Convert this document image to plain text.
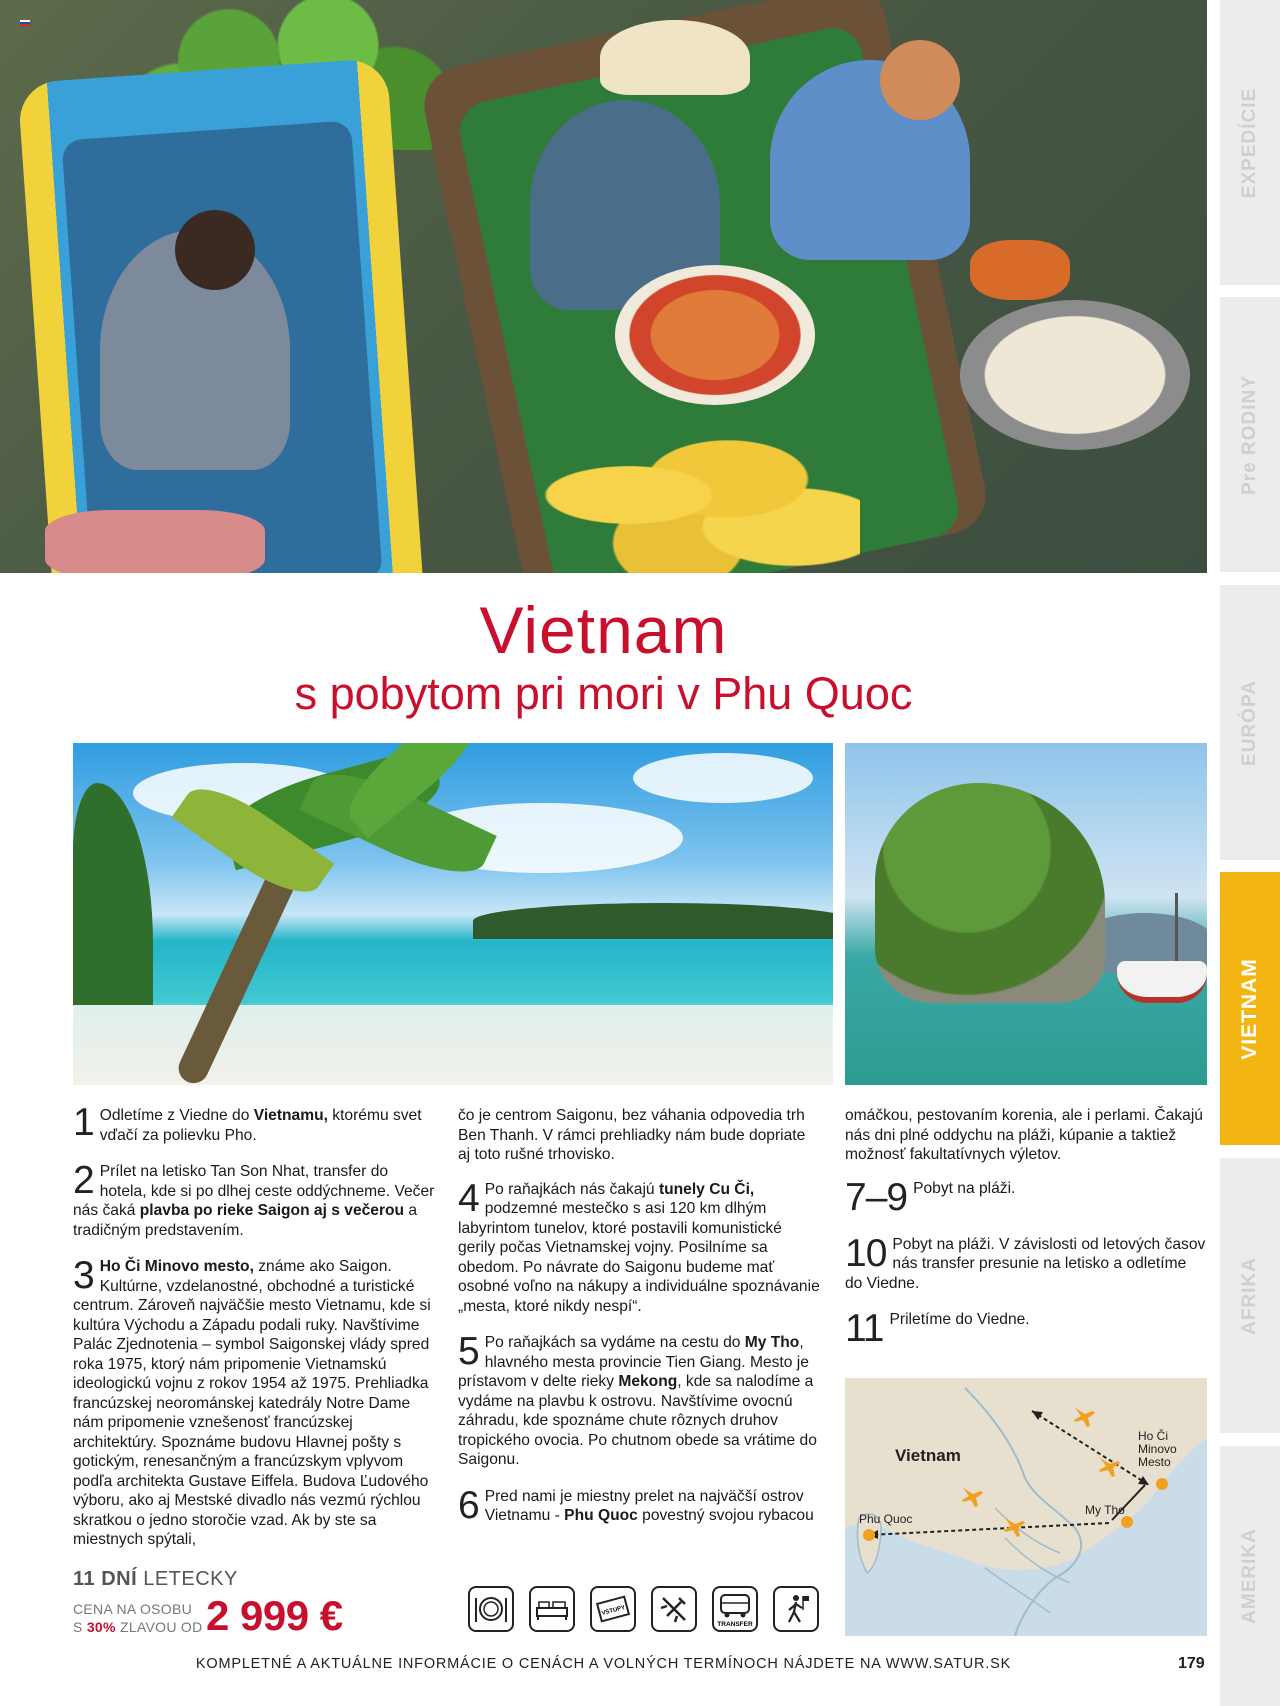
EXPEDÍCIE
Pre RODINY
EURÓPA
VIETNAM
AFRIKA
AMERIKA
Vietnam
s pobytom pri mori v Phu Quoc
1 Odletíme z Viedne do Vietnamu, ktorému svet vďačí za polievku Pho.
2 Prílet na letisko Tan Son Nhat, transfer do hotela, kde si po dlhej ceste oddýchneme. Večer nás čaká plavba po rieke Saigon aj s večerou a tradičným predstavením.
3 Ho Či Minovo mesto, známe ako Saigon. Kultúrne, vzdelanostné, obchodné a turistické centrum. Zároveň najväčšie mesto Vietnamu, kde si kultúra Východu a Západu podali ruky. Navštívime Palác Zjednotenia – symbol Saigonskej vlády spred roka 1975, ktorý nám pripomenie Vietnamskú ideologickú vojnu z rokov 1954 až 1975. Prehliadka francúzskej neorománskej katedrály Notre Dame nám pripomenie vznešenosť francúzskej architektúry. Spoznáme budovu Hlavnej pošty s gotickým, renesančným a francúzskym vplyvom podľa architekta Gustave Eiffela. Budova Ľudového výboru, ako aj Mestské divadlo nás vezmú rýchlou skratkou o jedno storočie vzad. Ak by ste sa miestnych spýtali,
čo je centrom Saigonu, bez váhania odpovedia trh Ben Thanh. V rámci prehliadky nám bude dopriate aj toto rušné trhovisko.
4 Po raňajkách nás čakajú tunely Cu Či, podzemné mestečko s asi 120 km dlhým labyrintom tunelov, ktoré postavili komunistické gerily počas Vietnamskej vojny. Posilníme sa obedom. Po návrate do Saigonu budeme mať osobné voľno na nákupy a individuálne spoznávanie „mesta, ktoré nikdy nespí“.
5 Po raňajkách sa vydáme na cestu do My Tho, hlavného mesta provincie Tien Giang. Mesto je prístavom v delte rieky Mekong, kde sa nalodíme a vydáme na plavbu k ostrovu. Navštívime ovocnú záhradu, kde spoznáme chute rôznych druhov tropického ovocia. Po chutnom obede sa vrátime do Saigonu.
6 Pred nami je miestny prelet na najväčší ostrov Vietnamu - Phu Quoc povestný svojou rybacou
omáčkou, pestovaním korenia, ale i perlami. Čakajú nás dni plné oddychu na pláži, kúpanie a taktiež možnosť fakultatívnych výletov.
7–9 Pobyt na pláži.
10 Pobyt na pláži. V závislosti od letových časov nás transfer presunie na letisko a odletíme do Viedne.
11 Priletíme do Viedne.
Vietnam
Ho Či Minovo Mesto
My Tho
Phu Quoc
11 DNÍ LETECKY
CENA NA OSOBU
S 30% ZLAVOU OD 2 999 €	VSTUPY
TRANSFER
KOMPLETNÉ A AKTUÁLNE INFORMÁCIE O CENÁCH A VOLNÝCH TERMÍNOCH NÁJDETE NA WWW.SATUR.SK	179
